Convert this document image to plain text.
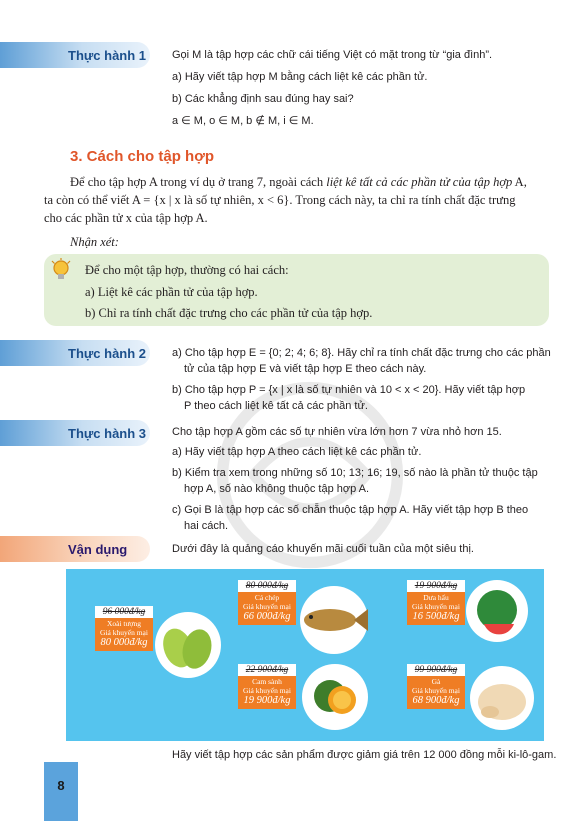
Thực hành 1 Gọi M là tập hợp các chữ cái tiếng Việt có mặt trong từ “gia đình”.
a) Hãy viết tập hợp M bằng cách liệt kê các phần tử.
b) Các khẳng định sau đúng hay sai?
a ∈ M, o ∈ M, b ∉ M, i ∈ M.
3. Cách cho tập hợp
Để cho tập hợp A trong ví dụ ở trang 7, ngoài cách liệt kê tất cả các phần tử của tập hợp A,
ta còn có thể viết A = {x | x là số tự nhiên, x < 6}. Trong cách này, ta chỉ ra tính chất đặc trưng
cho các phần tử x của tập hợp A.
Nhận xét:
Để cho một tập hợp, thường có hai cách:
a) Liệt kê các phần tử của tập hợp.
b) Chỉ ra tính chất đặc trưng cho các phần tử của tập hợp.
Thực hành 2 a) Cho tập hợp E = {0; 2; 4; 6; 8}. Hãy chỉ ra tính chất đặc trưng cho các phần
tử của tập hợp E và viết tập hợp E theo cách này.
b) Cho tập hợp P = {x | x là số tự nhiên và 10 < x < 20}. Hãy viết tập hợp
P theo cách liệt kê tất cả các phần tử.
Thực hành 3 Cho tập hợp A gồm các số tự nhiên vừa lớn hơn 7 vừa nhỏ hơn 15.
a) Hãy viết tập hợp A theo cách liệt kê các phần tử.
b) Kiểm tra xem trong những số 10; 13; 16; 19, số nào là phần tử thuộc tập
hợp A, số nào không thuộc tập hợp A.
c) Gọi B là tập hợp các số chẵn thuộc tập hợp A. Hãy viết tập hợp B theo
hai cách.
Vận dụng	Dưới đây là quảng cáo khuyến mãi cuối tuần của một siêu thị.
96 000đ/kg
Xoài tượng
Giá khuyến mại
80 000đ/kg
80 000đ/kg
Cá chép
Giá khuyến mại
66 000đ/kg
19 900đ/kg
Dưa hấu
Giá khuyến mại
16 500đ/kg
22 900đ/kg
Cam sành
Giá khuyến mại
19 900đ/kg
99 900đ/kg
Gà
Giá khuyến mại
68 900đ/kg
Hãy viết tập hợp các sản phẩm được giảm giá trên 12 000 đồng mỗi ki-lô-gam.
8
